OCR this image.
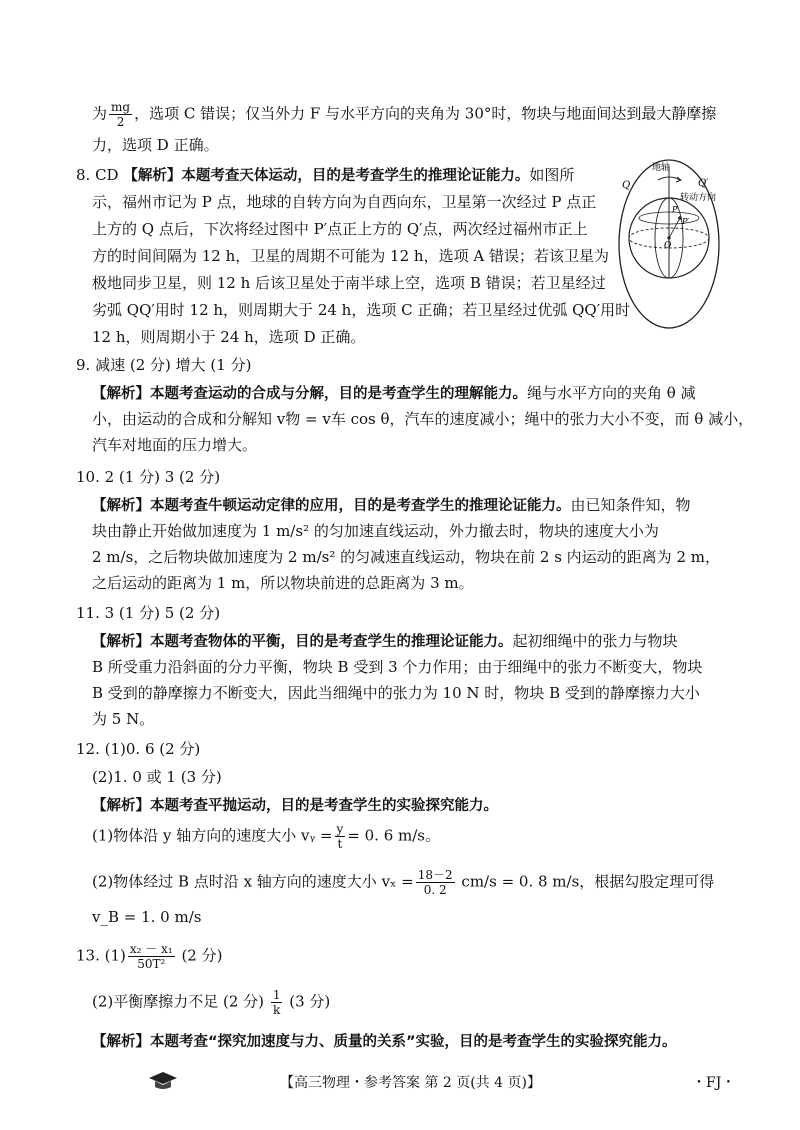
为 $\frac{mg}{2}$ ，选项 C 错误；仅当外力 F 与水平方向的夹角为 30°时，物块与地面间达到最大静摩擦
力，选项 D 正确。
8. CD 【解析】本题考查天体运动，目的是考查学生的推理论证能力。如图所
示，福州市记为 P 点，地球的自转方向为自西向东，卫星第一次经过 P 点正
上方的 Q 点后，下次将经过图中 P′点正上方的 Q′点，两次经过福州市正上
方的时间间隔为 12 h，卫星的周期不可能为 12 h，选项 A 错误；若该卫星为
极地同步卫星，则 12 h 后该卫星处于南半球上空，选项 B 错误；若卫星经过
劣弧 QQ′用时 12 h，则周期大于 24 h，选项 C 正确；若卫星经过优弧 QQ′用时
12 h，则周期小于 24 h，选项 D 正确。
Q	Q′
地轴
转动方向
P
P′
O
9. 减速 (2 分) 增大 (1 分)
【解析】本题考查运动的合成与分解，目的是考查学生的理解能力。绳与水平方向的夹角 θ 减
小，由运动的合成和分解知 v物 = v车 cos θ，汽车的速度减小；绳中的张力大小不变，而 θ 减小，
汽车对地面的压力增大。
10. 2 (1 分) 3 (2 分)
【解析】本题考查牛顿运动定律的应用，目的是考查学生的推理论证能力。由已知条件知，物
块由静止开始做加速度为 1 m/s² 的匀加速直线运动，外力撤去时，物块的速度大小为
2 m/s，之后物块做加速度为 2 m/s² 的匀减速直线运动，物块在前 2 s 内运动的距离为 2 m，
之后运动的距离为 1 m，所以物块前进的总距离为 3 m。
11. 3 (1 分) 5 (2 分)
【解析】本题考查物体的平衡，目的是考查学生的推理论证能力。起初细绳中的张力与物块
B 所受重力沿斜面的分力平衡，物块 B 受到 3 个力作用；由于细绳中的张力不断变大，物块
B 受到的静摩擦力不断变大，因此当细绳中的张力为 10 N 时，物块 B 受到的静摩擦力大小
为 5 N。
12. (1)0. 6 (2 分)
(2)1. 0 或 1 (3 分)
【解析】本题考查平抛运动，目的是考查学生的实验探究能力。
(1)物体沿 y 轴方向的速度大小 vᵧ = $\frac{y}{t} = 0$. 6 m/s。
(2)物体经过 B 点时沿 x 轴方向的速度大小 $v_x = \frac{18-2}{0. 2} cm/s = 0$. 8 m/s，根据勾股定理可得
v_B = 1. 0 m/s
13. $(1) \frac{\text{x₂ － x₁}}{\text{50T²}} (2$ 分)
(2)平衡摩擦力不足 (2 分) $\frac{1}{k} (3$ 分)
【解析】本题考查“探究加速度与力、质量的关系”实验，目的是考查学生的实验探究能力。
【高三物理・参考答案 第 2 页(共 4 页)】	・FJ・
